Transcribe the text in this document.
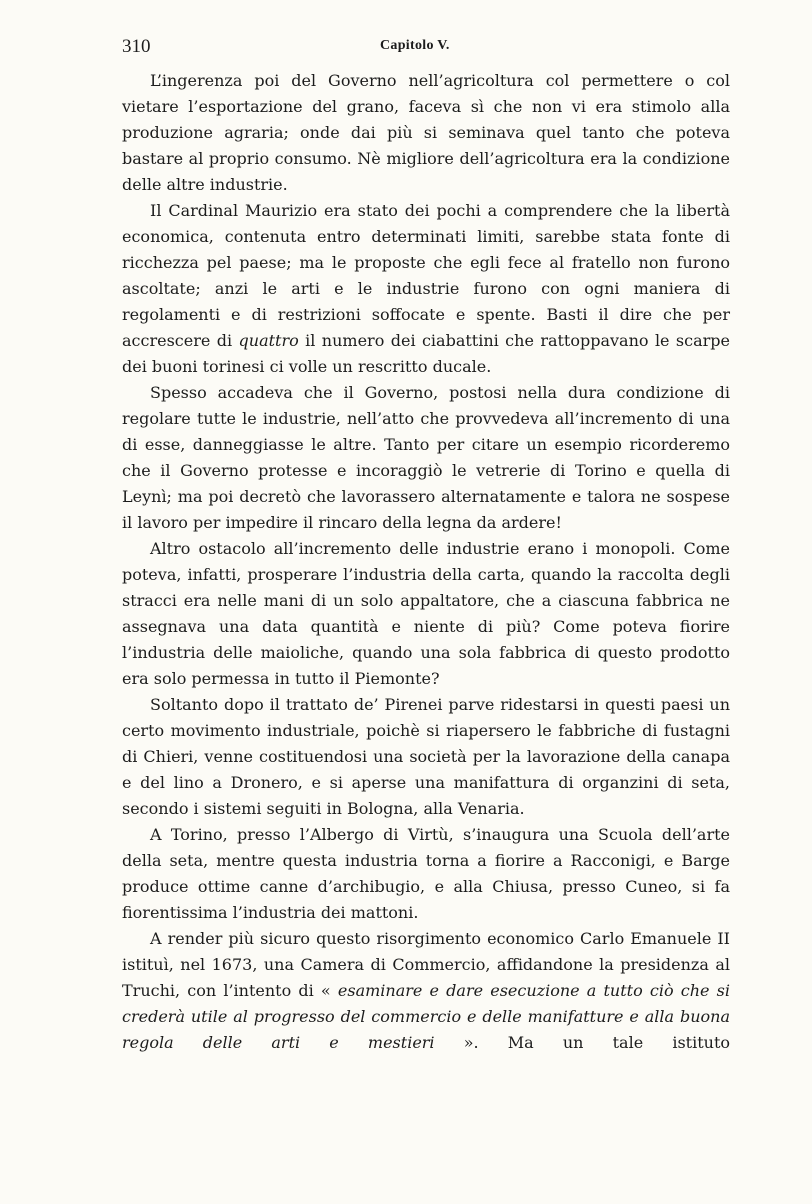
310	Capitolo V.

L’ingerenza poi del Governo nell’agricoltura col permettere o col vietare l’esportazione del grano, faceva sì che non vi era stimolo alla produzione agraria; onde dai più si seminava quel tanto che poteva bastare al proprio consumo. Nè migliore dell’agricoltura era la condizione delle altre industrie.

Il Cardinal Maurizio era stato dei pochi a comprendere che la libertà economica, contenuta entro determinati limiti, sarebbe stata fonte di ricchezza pel paese; ma le proposte che egli fece al fratello non furono ascoltate; anzi le arti e le industrie furono con ogni maniera di regolamenti e di restrizioni soffocate e spente. Basti il dire che per accrescere di quattro il numero dei ciabattini che rattoppavano le scarpe dei buoni torinesi ci volle un rescritto ducale.

Spesso accadeva che il Governo, postosi nella dura condizione di regolare tutte le industrie, nell’atto che provvedeva all’incremento di una di esse, danneggiasse le altre. Tanto per citare un esempio ricorderemo che il Governo protesse e incoraggiò le vetrerie di Torino e quella di Leynì; ma poi decretò che lavorassero alternatamente e talora ne sospese il lavoro per impedire il rincaro della legna da ardere!

Altro ostacolo all’incremento delle industrie erano i monopoli. Come poteva, infatti, prosperare l’industria della carta, quando la raccolta degli stracci era nelle mani di un solo appaltatore, che a ciascuna fabbrica ne assegnava una data quantità e niente di più? Come poteva fiorire l’industria delle maioliche, quando una sola fabbrica di questo prodotto era solo permessa in tutto il Piemonte?

Soltanto dopo il trattato de’ Pirenei parve ridestarsi in questi paesi un certo movimento industriale, poichè si riapersero le fabbriche di fustagni di Chieri, venne costituendosi una società per la lavorazione della canapa e del lino a Dronero, e si aperse una manifattura di organzini di seta, secondo i sistemi seguiti in Bologna, alla Venaria.

A Torino, presso l’Albergo di Virtù, s’inaugura una Scuola dell’arte della seta, mentre questa industria torna a fiorire a Racconigi, e Barge produce ottime canne d’archibugio, e alla Chiusa, presso Cuneo, si fa fiorentissima l’industria dei mattoni.

A render più sicuro questo risorgimento economico Carlo Emanuele II istituì, nel 1673, una Camera di Commercio, affidandone la presidenza al Truchi, con l’intento di « esaminare e dare esecuzione a tutto ciò che si crederà utile al progresso del commercio e delle manifatture e alla buona regola delle arti e mestieri ». Ma un tale istituto
